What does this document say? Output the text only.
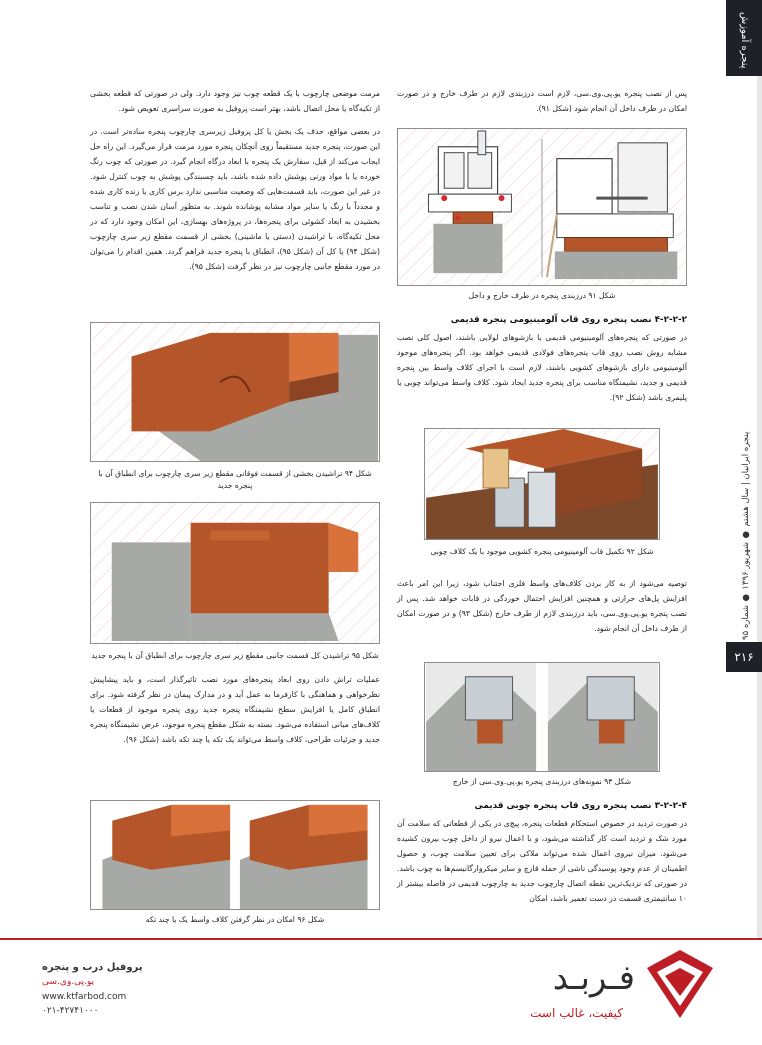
پنجره آموزش
پنجره ایرانیان | سال هشتم ● شهریور ۱۳۹۶ ● شماره ۹۵
۲۱۶

پس از نصب پنجره یو.پی.وی.سی، لازم است درزبندی لازم در طرف خارج و در صورت امکان در طرف داخل آن انجام شود (شکل ۹۱).

شکل ۹۱ درزبندی پنجره در طرف خارج و داخل

۴-۲-۲-۲ نصب پنجره روی قاب آلومینیومی پنجره قدیمی

در صورتی که پنجره‌های آلومینیومی قدیمی با بازشوهای لولایی باشند، اصول کلی نصب مشابه روش نصب روی قاب پنجره‌های فولادی قدیمی خواهد بود. اگر پنجره‌های موجود آلومینیومی دارای بازشوهای کشویی باشند، لازم است با اجرای کلاف واسط بین پنجره قدیمی و جدید، نشیمنگاه مناسب برای پنجره جدید ایجاد شود. کلاف واسط می‌تواند چوبی یا پلیمری باشد (شکل ۹۲).

شکل ۹۲ تکمیل قاب آلومینیومی پنجره کشویی موجود با یک کلاف چوبی

توصیه می‌شود از به کار بردن کلاف‌های واسط فلزی اجتناب شود، زیرا این امر باعث افزایش پل‌های حرارتی و همچنین افزایش احتمال خوردگی در قابات خواهد شد. پس از نصب پنجره یو.پی.وی.سی، باید درزبندی لازم از طرف خارج (شکل ۹۳) و در صورت امکان از طرف داخل آن انجام شود.

شکل ۹۳ نمونه‌های درزبندی پنجره یو.پی.وی.سی از خارج

۳-۲-۲-۴ نصب پنجره روی قاب پنجره چوبی قدیمی

در صورت تردید در خصوص استحکام قطعات پنجره، پیچ‌ی در یکی از قطعاتی که سلامت آن مورد شک و تردید است کار گذاشته می‌شود، و با اعمال نیرو از داخل چوب بیرون کشیده می‌شود. میزان نیروی اعمال شده می‌تواند ملاکی برای تعیین سلامت چوب، و حصول اطمینان از عدم وجود پوسیدگی ناشی از حمله قارچ و سایر میکروارگانیسم‌ها به چوب باشد. در صورتی که نزدیک‌ترین نقطه اتصال چارچوب جدید به چارچوب قدیمی در فاصله بیشتر از ۱۰ سانتیمتری قسمت در دست تعمیر باشد، امکان

مرمت موضعی چارچوب با یک قطعه چوب نیز وجود دارد. ولی در صورتی که قطعه بخشی از تکیه‌گاه یا محل اتصال باشد، بهتر است پروفیل به صورت سراسری تعویض شود.

در بعضی مواقع، حذف یک بخش یا کل پروفیل زیرسری چارچوب پنجره ساده‌تر است. در این صورت، پنجره جدید مستقیماً روی آنچکان پنجره مورد مرمت قرار می‌گیرد. این راه حل ایجاب می‌کند از قبل، سفارش یک پنجره با ابعاد درگاه انجام گیرد. در صورتی که چوب رنگ خورده یا با مواد ورنی پوشش داده شده باشد، باید چسبندگی پوشش به چوب کنترل شود. در غیر این صورت، باید قسمت‌هایی که وضعیت مناسبی ندارد برس کاری یا رنده کاری شده و مجدداً با رنگ یا سایر مواد مشابه پوشانده شوند. به منظور آسان شدن نصب و تناسب بخشیدن به ابعاد کشوئی برای پنجره‌ها، در پروژه‌های بهسازی، این امکان وجود دارد که در محل تکیه‌گاه، با تراشیدن (دستی یا ماشینی) بخشی از قسمت مقطع زیر سری چارچوب (شکل ۹۴) یا کل آن (شکل ۹۵)، انطباق با پنجره جدید فراهم گردد. همین اقدام را می‌توان در مورد مقطع جانبی چارچوب نیز در نظر گرفت (شکل ۹۵).

شکل ۹۴ تراشیدن بخشی از قسمت فوقانی مقطع زیر سری چارچوب برای انطباق آن با پنجره جدید

شکل ۹۵ تراشیدن کل قسمت جانبی مقطع زیر سری چارچوب برای انطباق آن با پنجره جدید

عملیات تراش دادن روی ابعاد پنجره‌های مورد نصب تاثیرگذار است، و باید پیشاپیش نظرخواهی و هماهنگی با کارفرما به عمل آید و در مدارک پیمان در نظر گرفته شود. برای انطباق کامل یا افزایش سطح نشیمنگاه پنجره جدید روی پنجره موجود از قطعات یا کلاف‌های میانی استفاده می‌شود. بسته به شکل مقطع پنجره موجود، عرض نشیمنگاه پنجره جدید و جزئیات طراحی، کلاف واسط می‌تواند یک تکه یا چند تکه باشد (شکل ۹۶).

شکل ۹۶ امکان در نظر گرفتن کلاف واسط یک یا چند تکه

پروفیل درب و پنجره
یو.پی.وی.سی
www.ktfarbod.com
۰۲۱-۴۲۷۴۱۰۰۰
فـربـد
کیفیت، غالب است
